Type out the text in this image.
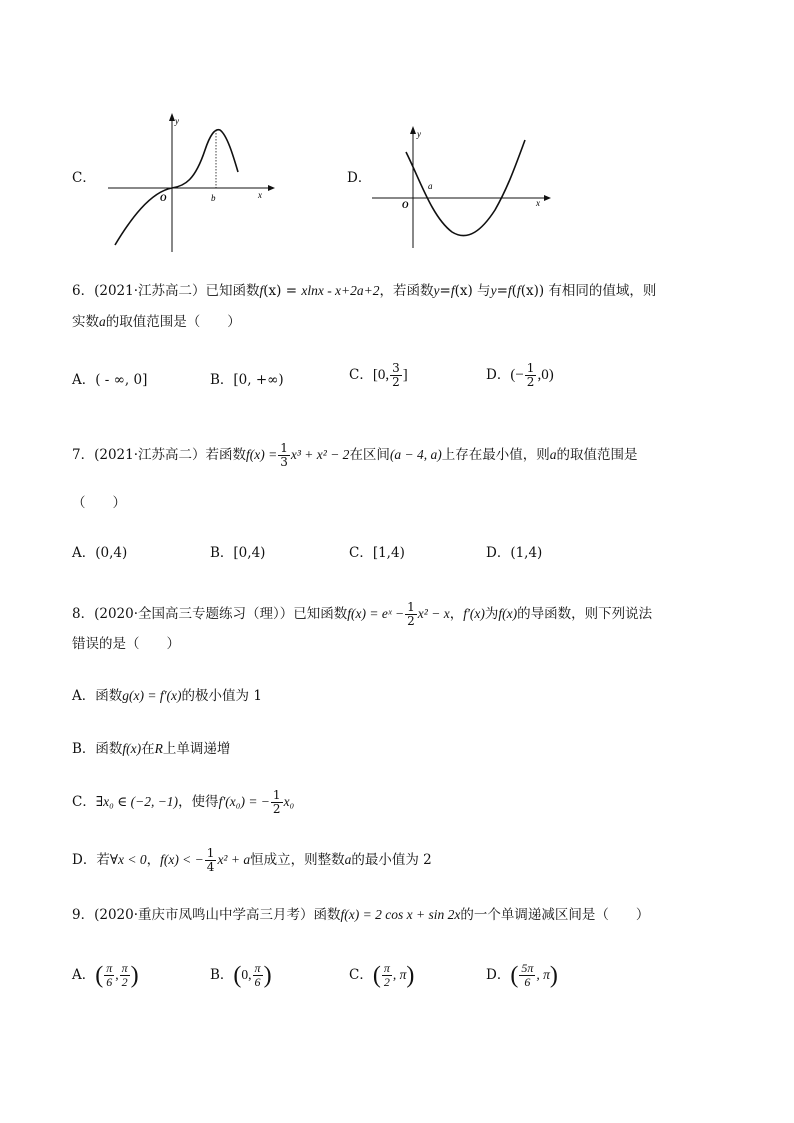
C．
y
x
O	b
D．
y
x
O
a
6．(2021·江苏高二）已知函数f(x) = xlnx - x+2a+2，若函数y=f(x) 与y=f(f(x)) 有相同的值域，则
实数a的取值范围是（　　）
A．( - ∞, 0]	B．[0, +∞)	C．[0, $\frac{3}{2}$ ]	D．(− $\frac{1}{2} ,0$)
7．(2021·江苏高二）若函数$f(x) = \frac{1}{3} x^3 + x^2 - 2$在区间(a − 4, a)上存在最小值，则a的取值范围是
（　　）
A．(0,4)	B．[0,4)	C．[1,4)	D．(1,4)
8．(2020·全国高三专题练习（理））已知函数f(x) = eˣ − $\frac{1}{2} x^2 - x$，f′(x)为f(x)的导函数，则下列说法
错误的是（　　）
A．函数g(x) = f′(x)的极小值为 1
B．函数f(x)在R上单调递增
C．∃x₀ ∈ (−2, −1)，使得f′(x₀) = − $\frac{1}{2} x_0$
D．若∀x < 0，f(x) < − $\frac{1}{4} x^2 + a$恒成立，则整数a的最小值为 2
9．(2020·重庆市凤鸣山中学高三月考）函数f(x) = 2 cos x + sin 2x的一个单调递减区间是（　　）
A．( $\frac{\pi}{6}$ , $\frac{\pi}{2}$ )	B．(0, $\frac{\pi}{6}$ )	C．( $\frac{\pi}{2}$ , π)	D．( $\frac{5\pi}{6}$ , π)
